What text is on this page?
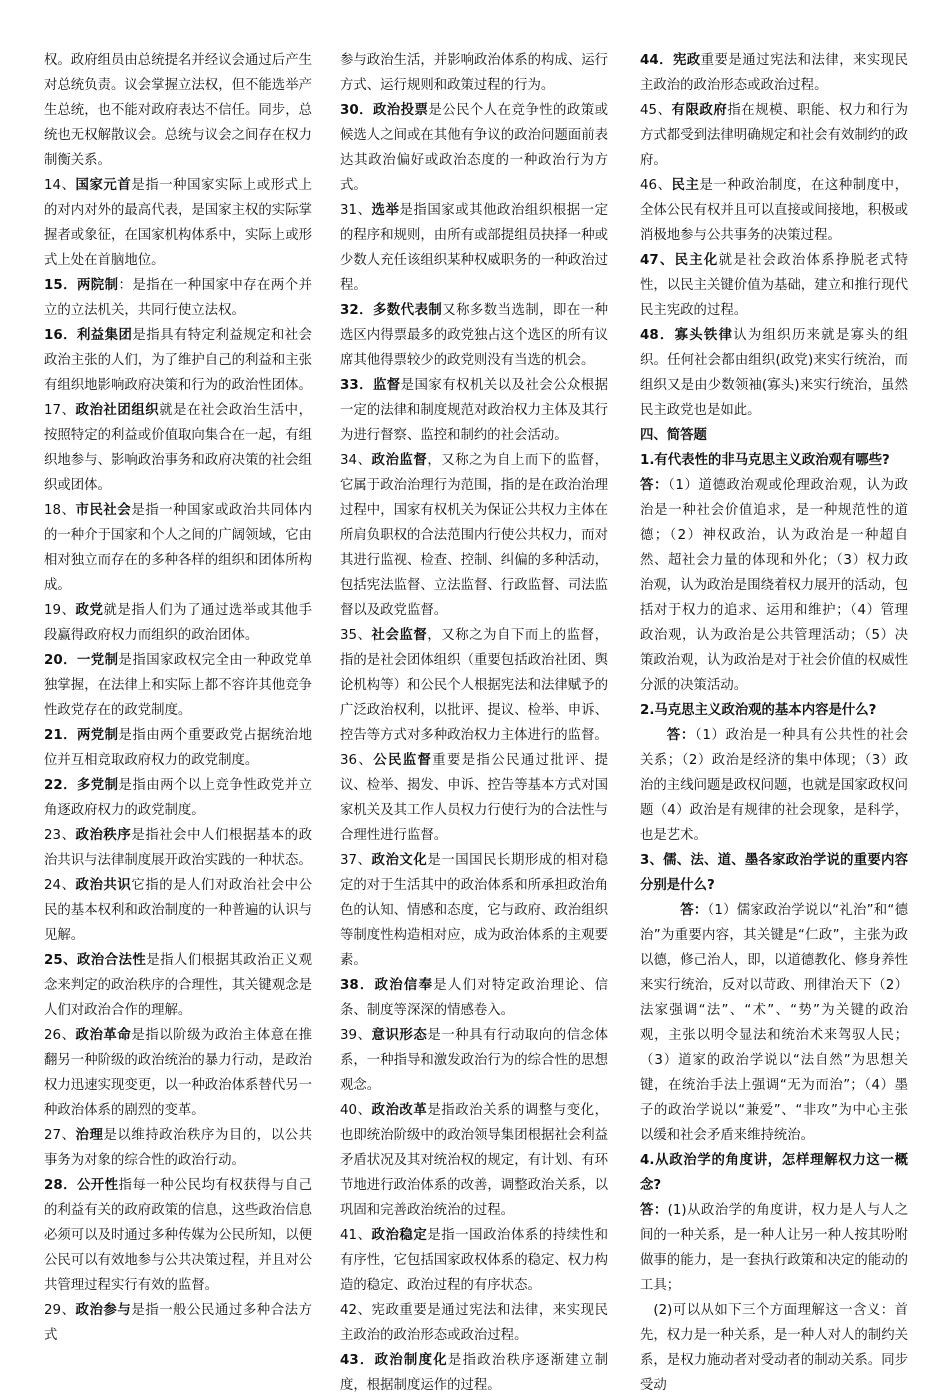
权。政府组员由总统提名并经议会通过后产生对总统负责。议会掌握立法权，但不能选举产生总统，也不能对政府表达不信任。同步，总统也无权解散议会。总统与议会之间存在权力制衡关系。

14、国家元首是指一种国家实际上或形式上的对内对外的最高代表，是国家主权的实际掌握者或象征，在国家机构体系中，实际上或形式上处在首脑地位。

15．两院制：是指在一种国家中存在两个并立的立法机关，共同行使立法权。

16．利益集团是指具有特定利益规定和社会政治主张的人们，为了维护自己的利益和主张有组织地影响政府决策和行为的政治性团体。

17、政治社团组织就是在社会政治生活中，按照特定的利益或价值取向集合在一起，有组织地参与、影响政治事务和政府决策的社会组织或团体。

18、市民社会是指一种国家或政治共同体内的一种介于国家和个人之间的广阔领域，它由相对独立而存在的多种各样的组织和团体所构成。

19、政党就是指人们为了通过选举或其他手段赢得政府权力而组织的政治团体。

20．一党制是指国家政权完全由一种政党单独掌握，在法律上和实际上都不容许其他竞争性政党存在的政党制度。

21．两党制是指由两个重要政党占据统治地位并互相竞取政府权力的政党制度。

22．多党制是指由两个以上竞争性政党并立角逐政府权力的政党制度。

23、政治秩序是指社会中人们根据基本的政治共识与法律制度展开政治实践的一种状态。

24、政治共识它指的是人们对政治社会中公民的基本权利和政治制度的一种普遍的认识与见解。

25、政治合法性是指人们根据其政治正义观念来判定的政治秩序的合理性，其关键观念是人们对政治合作的理解。

26、政治革命是指以阶级为政治主体意在推翻另一种阶级的政治统治的暴力行动，是政治权力迅速实现变更，以一种政治体系替代另一种政治体系的剧烈的变革。

27、治理是以维持政治秩序为目的，以公共事务为对象的综合性的政治行动。

28．公开性指每一种公民均有权获得与自己的利益有关的政府政策的信息，这些政治信息必须可以及时通过多种传媒为公民所知，以便公民可以有效地参与公共决策过程，并且对公共管理过程实行有效的监督。

29、政治参与是指一般公民通过多种合法方式

参与政治生活，并影响政治体系的构成、运行方式、运行规则和政策过程的行为。

30．政治投票是公民个人在竞争性的政策或候选人之间或在其他有争议的政治问题面前表达其政治偏好或政治态度的一种政治行为方式。

31、选举是指国家或其他政治组织根据一定的程序和规则，由所有或部提组员抉择一种或少数人充任该组织某种权威职务的一种政治过程。

32．多数代表制又称多数当选制，即在一种选区内得票最多的政党独占这个选区的所有议席其他得票较少的政党则没有当选的机会。

33．监督是国家有权机关以及社会公众根据一定的法律和制度规范对政治权力主体及其行为进行督察、监控和制约的社会活动。

34、政治监督，又称之为自上而下的监督，它属于政治治理行为范围，指的是在政治治理过程中，国家有权机关为保证公共权力主体在所肩负职权的合法范围内行使公共权力，而对其进行监视、检查、控制、纠偏的多种活动，包括宪法监督、立法监督、行政监督、司法监督以及政党监督。

35、社会监督，又称之为自下而上的监督，指的是社会团体组织（重要包括政治社团、舆论机构等）和公民个人根据宪法和法律赋予的广泛政治权利，以批评、提议、检举、申诉、控告等方式对多种政治权力主体进行的监督。

36、公民监督重要是指公民通过批评、提议、检举、揭发、申诉、控告等基本方式对国家机关及其工作人员权力行使行为的合法性与合理性进行监督。

37、政治文化是一国国民长期形成的相对稳定的对于生活其中的政治体系和所承担政治角色的认知、情感和态度，它与政府、政治组织等制度性构造相对应，成为政治体系的主观要素。

38．政治信奉是人们对特定政治理论、信条、制度等深深的情感卷入。

39、意识形态是一种具有行动取向的信念体系，一种指导和激发政治行为的综合性的思想观念。

40、政治改革是指政治关系的调整与变化，也即统治阶级中的政治领导集团根据社会利益矛盾状况及其对统治权的规定，有计划、有环节地进行政治体系的改善，调整政治关系，以巩固和完善政治统治的过程。

41、政治稳定是指一国政治体系的持续性和有序性，它包括国家政权体系的稳定、权力构造的稳定、政治过程的有序状态。

42、宪政重要是通过宪法和法律，来实现民主政治的政治形态或政治过程。

43．政治制度化是指政治秩序逐渐建立制度，根据制度运作的过程。

44．宪政重要是通过宪法和法律，来实现民主政治的政治形态或政治过程。

45、有限政府指在规模、职能、权力和行为方式都受到法律明确规定和社会有效制约的政府。

46、民主是一种政治制度，在这种制度中，全体公民有权并且可以直接或间接地，积极或消极地参与公共事务的决策过程。

47、民主化就是社会政治体系挣脱老式特性，以民主关键价值为基础，建立和推行现代民主宪政的过程。

48．寡头铁律认为组织历来就是寡头的组织。任何社会都由组织(政党)来实行统治，而组织又是由少数领袖(寡头)来实行统治，虽然民主政党也是如此。

四、简答题

1.有代表性的非马克思主义政治观有哪些?

答：（1）道德政治观或伦理政治观，认为政治是一种社会价值追求，是一种规范性的道德；（2）神权政治，认为政治是一种超自然、超社会力量的体现和外化；（3）权力政治观，认为政治是围绕着权力展开的活动，包括对于权力的追求、运用和维护；（4）管理政治观，认为政治是公共管理活动；（5）决策政治观，认为政治是对于社会价值的权威性分派的决策活动。

2.马克思主义政治观的基本内容是什么?

答：（1）政治是一种具有公共性的社会关系；（2）政治是经济的集中体现；（3）政治的主线问题是政权问题，也就是国家政权问题（4）政治是有规律的社会现象，是科学，也是艺术。

3、儒、法、道、墨各家政治学说的重要内容分别是什么?

答：（1）儒家政治学说以“礼治”和“德治”为重要内容，其关键是“仁政”，主张为政以德，修己治人，即，以道德教化、修身养性来实行统治，反对以苛政、刑律治天下（2）法家强调“法”、“术”、“势”为关键的政治观，主张以明令显法和统治术来驾驭人民；（3）道家的政治学说以“法自然”为思想关键，在统治手法上强调“无为而治”；（4）墨子的政治学说以“兼爱”、“非攻”为中心主张以缓和社会矛盾来维持统治。

4.从政治学的角度讲，怎样理解权力这一概念?

答：(1)从政治学的角度讲，权力是人与人之间的一种关系，是一种人让另一种人按其吩咐做事的能力，是一套执行政策和决定的能动的工具；

(2)可以从如下三个方面理解这一含义：首先，权力是一种关系，是一种人对人的制约关系，是权力施动者对受动者的制动关系。同步受动
